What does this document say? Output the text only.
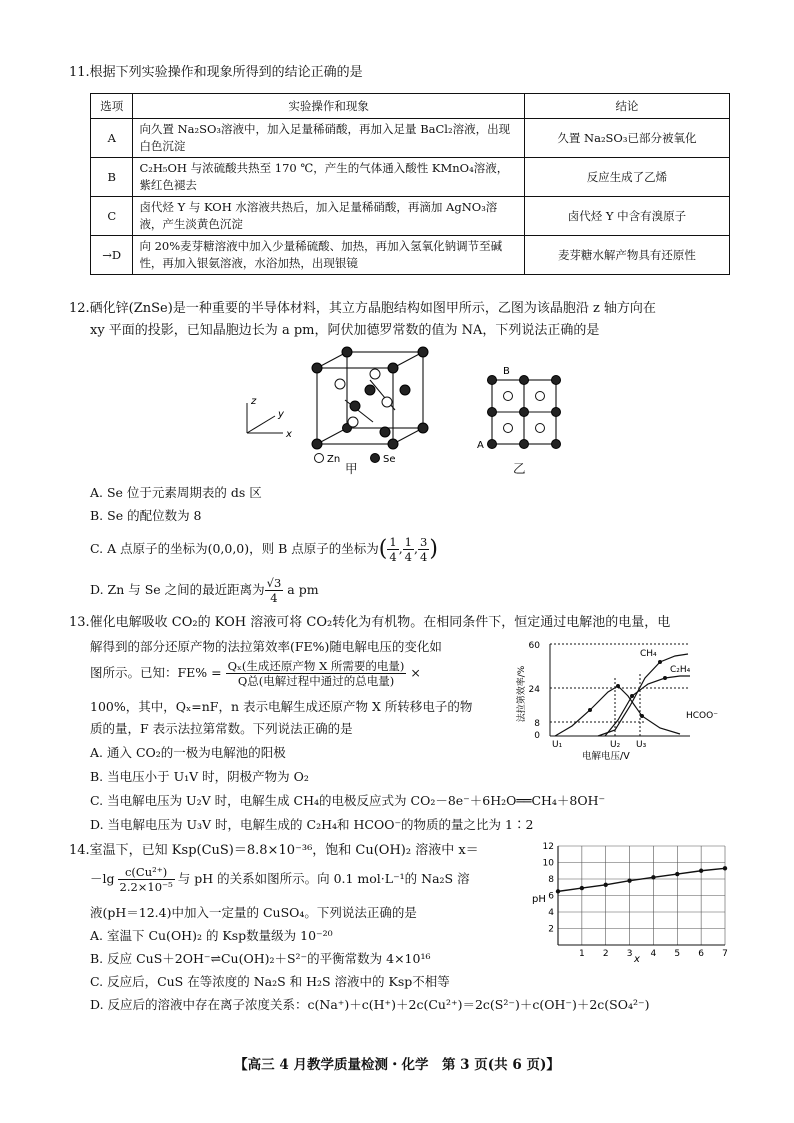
11.根据下列实验操作和现象所得到的结论正确的是
选项	实验操作和现象	结论
A	向久置 Na₂SO₃溶液中，加入足量稀硝酸，再加入足量 BaCl₂溶液，出现白色沉淀	久置 Na₂SO₃已部分被氧化
B	C₂H₅OH 与浓硫酸共热至 170 ℃，产生的气体通入酸性 KMnO₄溶液，紫红色褪去	反应生成了乙烯
C	卤代烃 Y 与 KOH 水溶液共热后，加入足量稀硝酸，再滴加 AgNO₃溶液，产生淡黄色沉淀	卤代烃 Y 中含有溴原子
→D	向 20%麦芽糖溶液中加入少量稀硫酸、加热，再加入氢氧化钠调节至碱性，再加入银氨溶液，水浴加热，出现银镜	麦芽糖水解产物具有还原性
12.硒化锌(ZnSe)是一种重要的半导体材料，其立方晶胞结构如图甲所示，乙图为该晶胞沿 z 轴方向在
xy 平面的投影，已知晶胞边长为 a pm，阿伏加德罗常数的值为 NA，下列说法正确的是
z
y
x
Zn	Se
B
A
甲	乙
A. Se 位于元素周期表的 ds 区
B. Se 的配位数为 8
C. A 点原子的坐标为(0,0,0)，则 B 点原子的坐标为( $\frac{1}{4}$ , $\frac{1}{4}$ , $\frac{3}{4}$ )
D. Zn 与 Se 之间的最近距离为 $\frac{√3}{4}$ a pm
13.催化电解吸收 CO₂的 KOH 溶液可将 CO₂转化为有机物。在相同条件下，恒定通过电解池的电量，电
解得到的部分还原产物的法拉第效率(FE%)随电解电压的变化如
图所示。已知：$FE\% = \frac{\text{Qₓ(生成还原产物 X 所需要的电量)}}{\text{Q总(电解过程中通过的总电量)}}$ ×
100%，其中，Qₓ=nF，n 表示电解生成还原产物 X 所转移电子的物
质的量，F 表示法拉第常数。下列说法正确的是
A. 通入 CO₂的一极为电解池的阳极
B. 当电压小于 U₁V 时，阴极产物为 O₂
C. 当电解电压为 U₂V 时，电解生成 CH₄的电极反应式为 CO₂－8e⁻＋6H₂O══CH₄＋8OH⁻
D. 当电解电压为 U₃V 时，电解生成的 C₂H₄和 HCOO⁻的物质的量之比为 1∶2
60
24
8
0
U₁	U₂ U₃
电解电压/V
法拉第效率/%
CH₄
C₂H₄
HCOO⁻
14.室温下，已知 Ksp(CuS)＝8.8×10⁻³⁶，饱和 Cu(OH)₂ 溶液中 x＝
$-\lg \frac{\text{c(Cu²⁺)}}{\text{2.2×10⁻⁵}}$ 与 pH 的关系如图所示。向 0.1 mol·L⁻¹的 Na₂S 溶
液(pH＝12.4)中加入一定量的 CuSO₄。下列说法正确的是
A. 室温下 Cu(OH)₂ 的 Ksp数量级为 10⁻²⁰
B. 反应 CuS＋2OH⁻⇌Cu(OH)₂＋S²⁻的平衡常数为 4×10¹⁶
C. 反应后，CuS 在等浓度的 Na₂S 和 H₂S 溶液中的 Ksp不相等
D. 反应后的溶液中存在离子浓度关系：c(Na⁺)＋c(H⁺)＋2c(Cu²⁺)＝2c(S²⁻)＋c(OH⁻)＋2c(SO₄²⁻)
1 2 3 4 5 6 7
2
4
6
8
10
12
pH
x
【高三 4 月教学质量检测・化学　第 3 页(共 6 页)】
